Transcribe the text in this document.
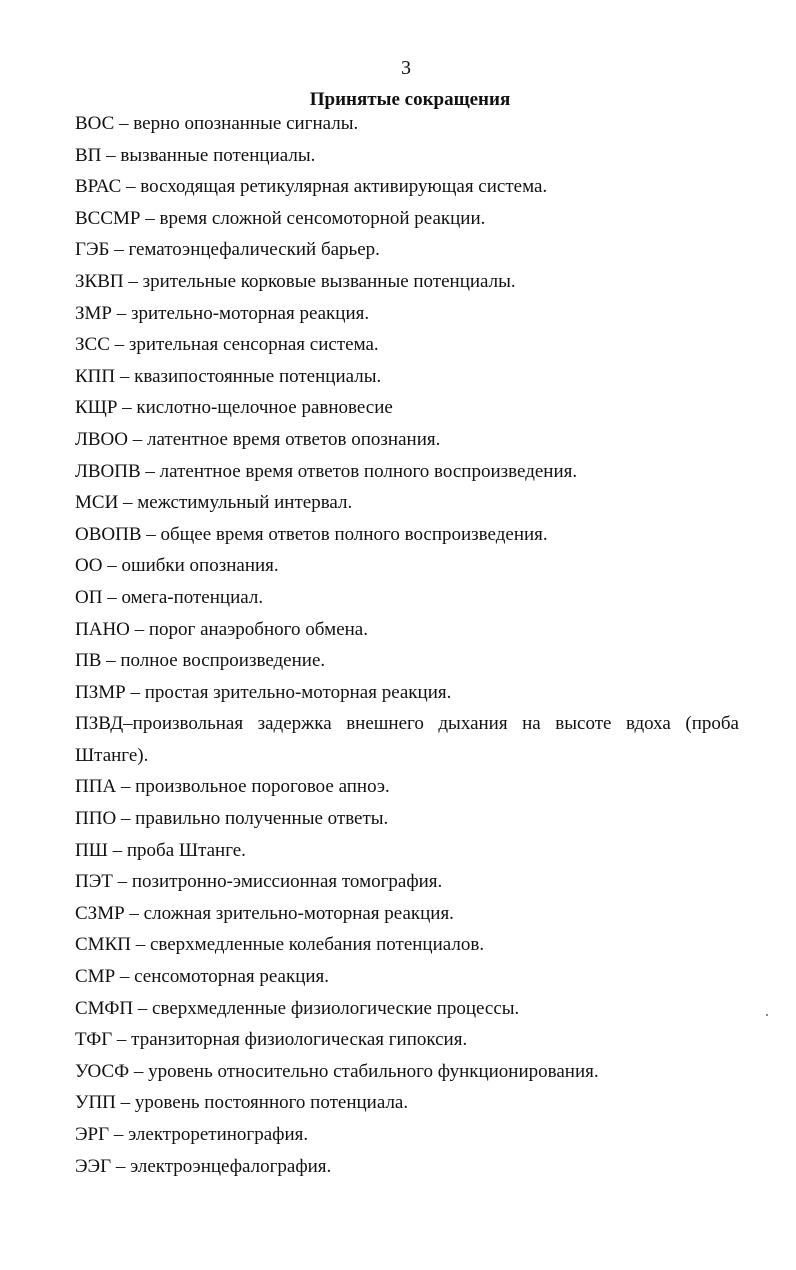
3
Принятые сокращения
ВОС – верно опознанные сигналы.
ВП – вызванные потенциалы.
ВРАС – восходящая ретикулярная активирующая система.
ВССМР – время сложной сенсомоторной реакции.
ГЭБ – гематоэнцефалический барьер.
ЗКВП – зрительные корковые вызванные потенциалы.
ЗМР – зрительно-моторная реакция.
ЗСС – зрительная сенсорная система.
КПП – квазипостоянные потенциалы.
КЩР – кислотно-щелочное равновесие
ЛВОО – латентное время ответов опознания.
ЛВОПВ – латентное время ответов полного воспроизведения.
МСИ – межстимульный интервал.
ОВОПВ – общее время ответов полного воспроизведения.
ОО – ошибки опознания.
ОП – омега-потенциал.
ПАНО – порог анаэробного обмена.
ПВ – полное воспроизведение.
ПЗМР – простая зрительно-моторная реакция.
ПЗВД–произвольная задержка внешнего дыхания на высоте вдоха (проба Штанге).
ППА – произвольное пороговое апноэ.
ППО – правильно полученные ответы.
ПШ – проба Штанге.
ПЭТ – позитронно-эмиссионная томография.
СЗМР – сложная зрительно-моторная реакция.
СМКП – сверхмедленные колебания потенциалов.
СМР – сенсомоторная реакция.
СМФП – сверхмедленные физиологические процессы.
ТФГ – транзиторная физиологическая гипоксия.
УОСФ – уровень относительно стабильного функционирования.
УПП – уровень постоянного потенциала.
ЭРГ – электроретинография.
ЭЭГ – электроэнцефалография.
